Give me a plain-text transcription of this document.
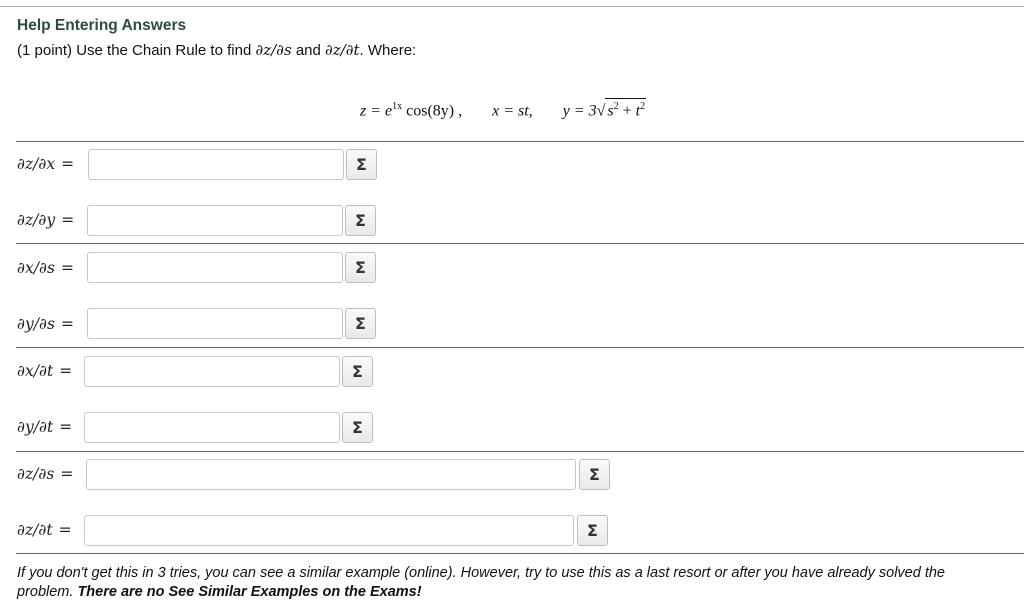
Help Entering Answers
(1 point) Use the Chain Rule to find ∂z/∂s and ∂z/∂t. Where:
$z = e^{1x}$ cos(8y) , x = st, y = 3√ $s^2 + t^2$
∂z/∂x =	Σ
∂z/∂y =	Σ
∂x/∂s =	Σ
∂y/∂s =	Σ
∂x/∂t =	Σ
∂y/∂t =	Σ
∂z/∂s =	Σ
∂z/∂t =	Σ
If you don't get this in 3 tries, you can see a similar example (online). However, try to use this as a last resort or after you have already solved the
problem. There are no See Similar Examples on the Exams!
